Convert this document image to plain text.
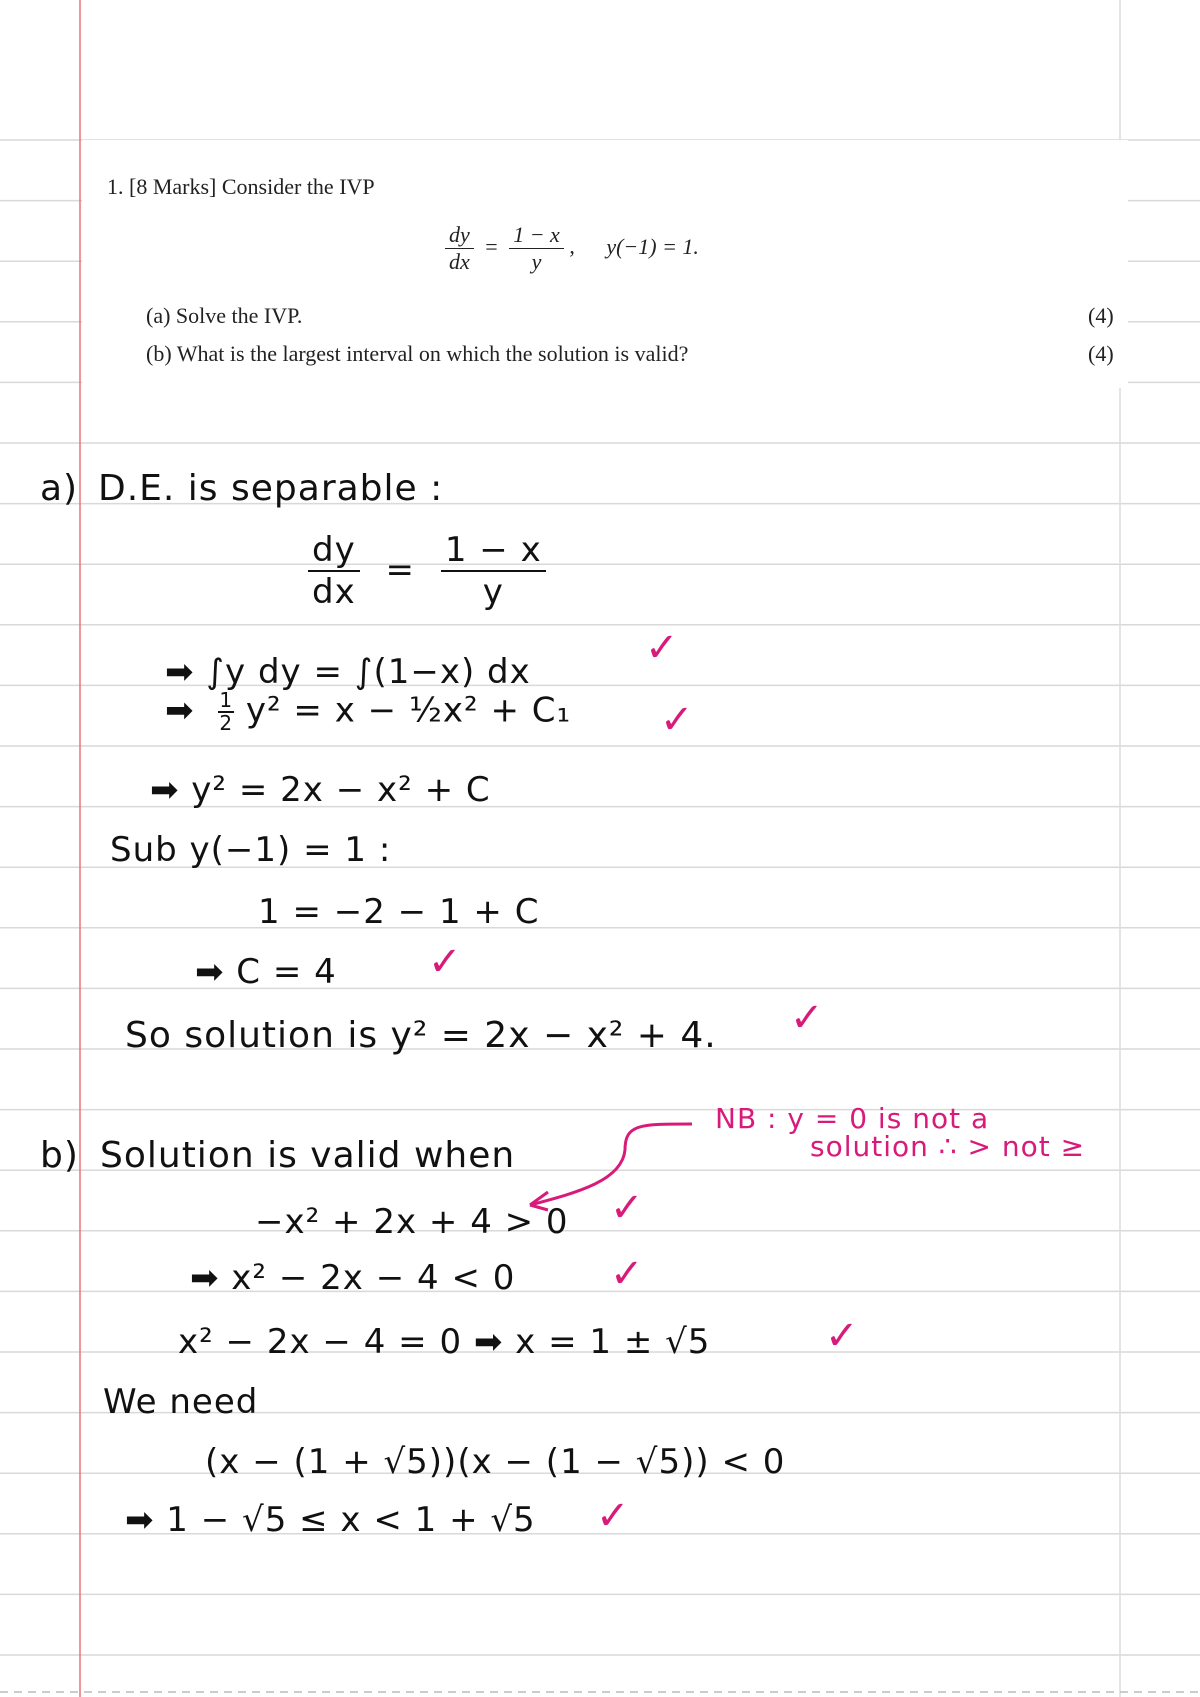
1. [8 Marks] Consider the IVP
$\frac{dy}{dx} = \frac{1 - x}{y}$ , y(−1) = 1.
(a) Solve the IVP.	(4)
(b) What is the largest interval on which the solution is valid?	(4)
a) D.E. is separable :
$\frac{dy}{dx} = \frac{1 - x}{y}$
➡ ∫y dy = ∫(1−x) dx
✓
➡ $\frac{1}{2} y^2 = x$ − ½x² + C₁ ✓
➡ y² = 2x − x² + C
Sub y(−1) = 1 :
1 = −2 − 1 + C
➡ C = 4 ✓
So solution is y² = 2x − x² + 4. ✓
NB : y = 0 is not a
solution ∴ > not ≥
b) Solution is valid when
−x² + 2x + 4 > 0 ✓
➡ x² − 2x − 4 < 0 ✓
x² − 2x − 4 = 0 ➡ x = 1 ± √5	✓
We need
(x − (1 + √5))(x − (1 − √5)) < 0
➡ 1 − √5 ≤ x < 1 + √5 ✓
